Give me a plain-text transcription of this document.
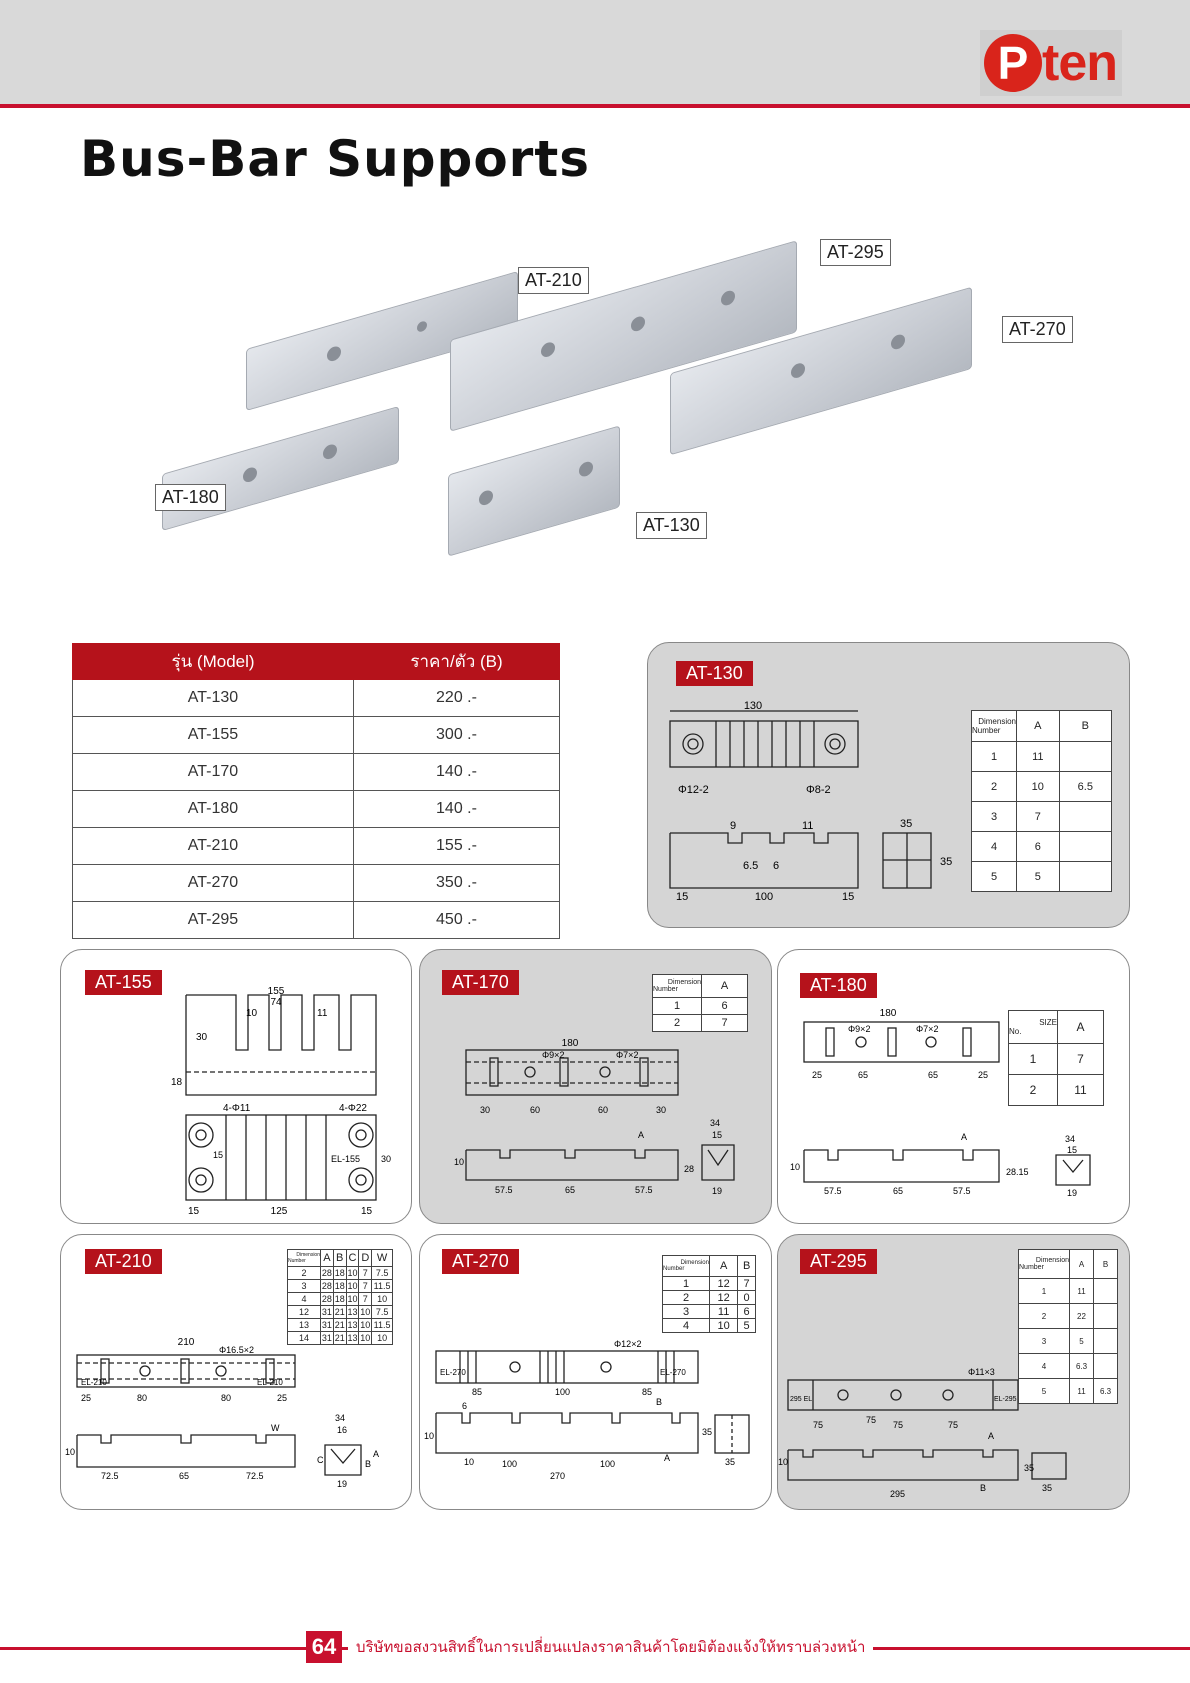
P ten
Bus-Bar Supports
AT-210
AT-295
AT-270
AT-180
AT-130
รุ่น (Model)	ราคา/ตัว (B)
AT-130	220 .-
AT-155	300 .-
AT-170	140 .-
AT-180	140 .-
AT-210	155 .-
AT-270	350 .-
AT-295	450 .-
AT-130
130
Φ12-2	Φ8-2
9	11
6.5 6
100
15	15
35
35
Dimension
Number	A	B
1	11	
2	10	6.5
3	7	
4	6	
5	5	
AT-155	155
74
10	11
30
18
4-Φ11	4-Φ22
125
15	15
15	30
EL-155
AT-170
180
Φ9×2	Φ7×2
30	60	60	30
57.5	65	57.5
28
10
34
15
19
A
Dimension
Number	A
1	6
2	7
AT-180
180
Φ9×2	Φ7×2
25	65	65	25
57.5	65	57.5
28.15
10
34
15
19
A
SIZE
No.	A
1	7
2	11
AT-210
210
Φ16.5×2
25	80	80	25
72.5	65	72.5
10
34
16
19
EL-210	EL-210
A
B
C
W
Dimension
Number	A	B	C	D	W
2	28	18	10	7	7.5
3	28	18	10	7	11.5
4	28	18	10	7	10
12	31	21	13	10	7.5
13	31	21	13	10	11.5
14	31	21	13	10	10
AT-270
Φ12×2
85	100	85
100	100
270
6
10
10
35
35
EL-270	EL-270
A
B
Dimension
Number	A	B
1	12	7
2	12	0
3	11	6
4	10	5
AT-295
Φ11×3
75	75 75	75
295
10
35
35
295 EL	EL-295
A
B
Dimension
Number	A	B
1	11	
2	22	
3	5	
4	6.3	
5	11	6.3
64	บริษัทขอสงวนสิทธิ์ในการเปลี่ยนแปลงราคาสินค้าโดยมิต้องแจ้งให้ทราบล่วงหน้า
